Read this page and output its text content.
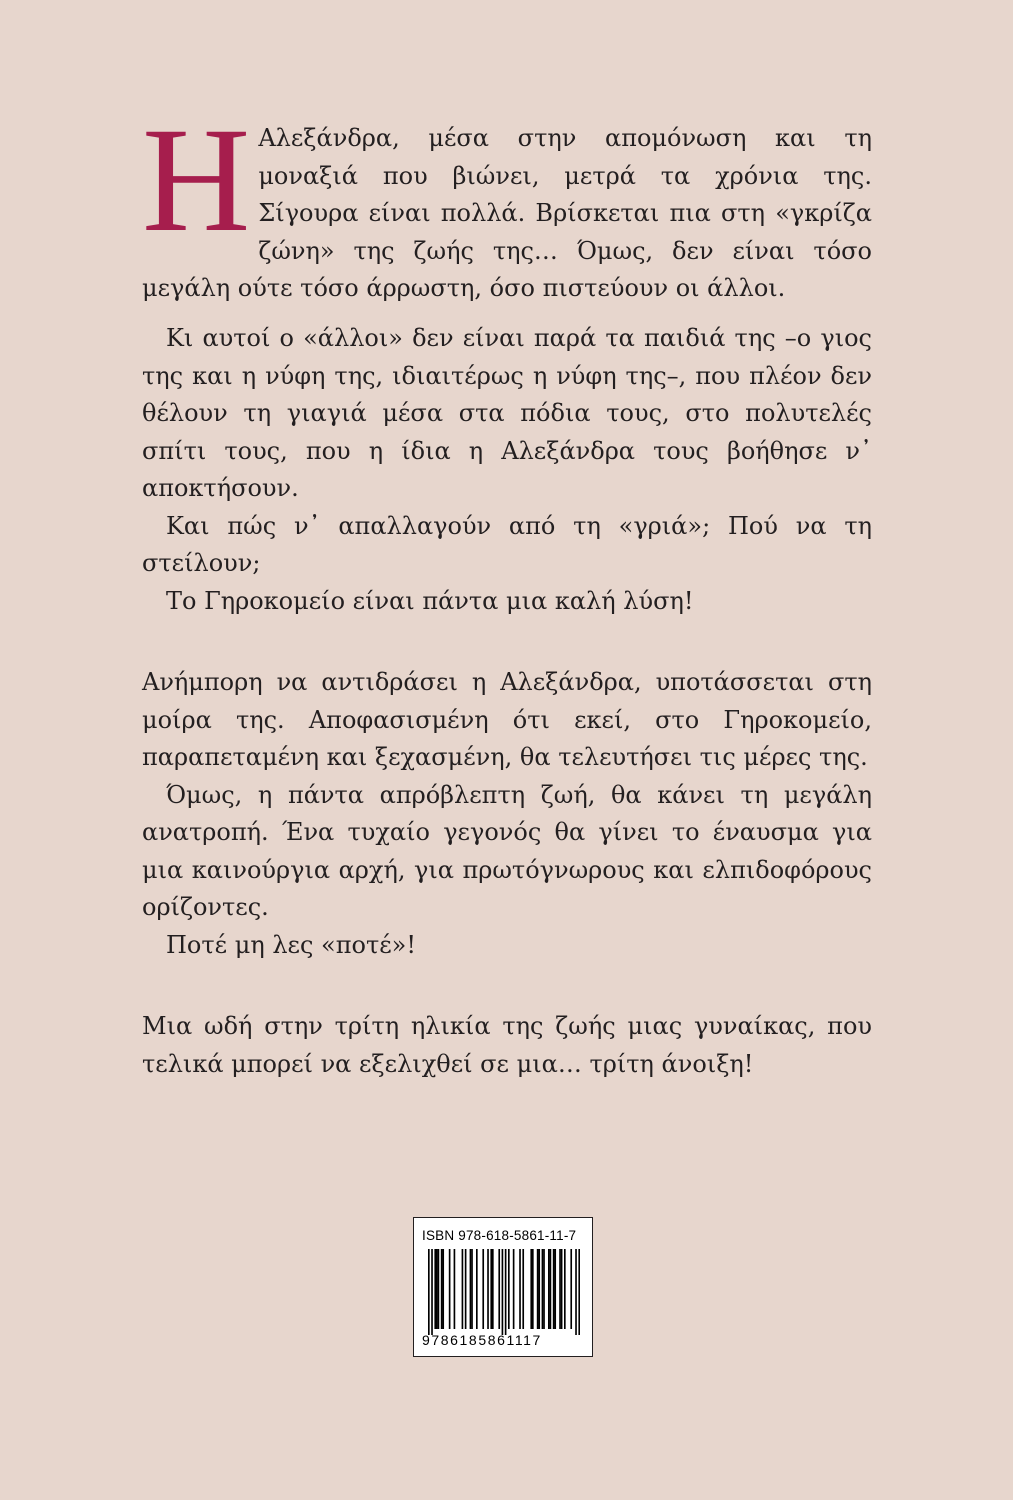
Η Αλεξάνδρα, μέσα στην απομόνωση και τη μοναξιά που βιώνει, μετρά τα χρόνια της. Σίγουρα είναι πολλά. Βρίσκεται πια στη «γκρίζα ζώνη» της ζωής της… Όμως, δεν είναι τόσο μεγάλη ούτε τόσο άρρωστη, όσο πιστεύουν οι άλλοι.

Κι αυτοί ο «άλλοι» δεν είναι παρά τα παιδιά της –ο γιος της και η νύφη της, ιδιαιτέρως η νύφη της–, που πλέον δεν θέλουν τη γιαγιά μέσα στα πόδια τους, στο πολυτελές σπίτι τους, που η ίδια η Αλεξάνδρα τους βοήθησε ν᾽ αποκτήσουν.

Και πώς ν᾽ απαλλαγούν από τη «γριά»; Πού να τη στείλουν;

Το Γηροκομείο είναι πάντα μια καλή λύση!

Ανήμπορη να αντιδράσει η Αλεξάνδρα, υποτάσσεται στη μοίρα της. Αποφασισμένη ότι εκεί, στο Γηροκομείο, παραπεταμένη και ξεχασμένη, θα τελευτήσει τις μέρες της.

Όμως, η πάντα απρόβλεπτη ζωή, θα κάνει τη μεγάλη ανατροπή. Ένα τυχαίο γεγονός θα γίνει το έναυσμα για μια καινούργια αρχή, για πρωτόγνωρους και ελπιδοφόρους ορίζοντες.

Ποτέ μη λες «ποτέ»!

Μια ωδή στην τρίτη ηλικία της ζωής μιας γυναίκας, που τελικά μπορεί να εξελιχθεί σε μια… τρίτη άνοιξη!

ISBN 978-618-5861-11-7
9786185861117
